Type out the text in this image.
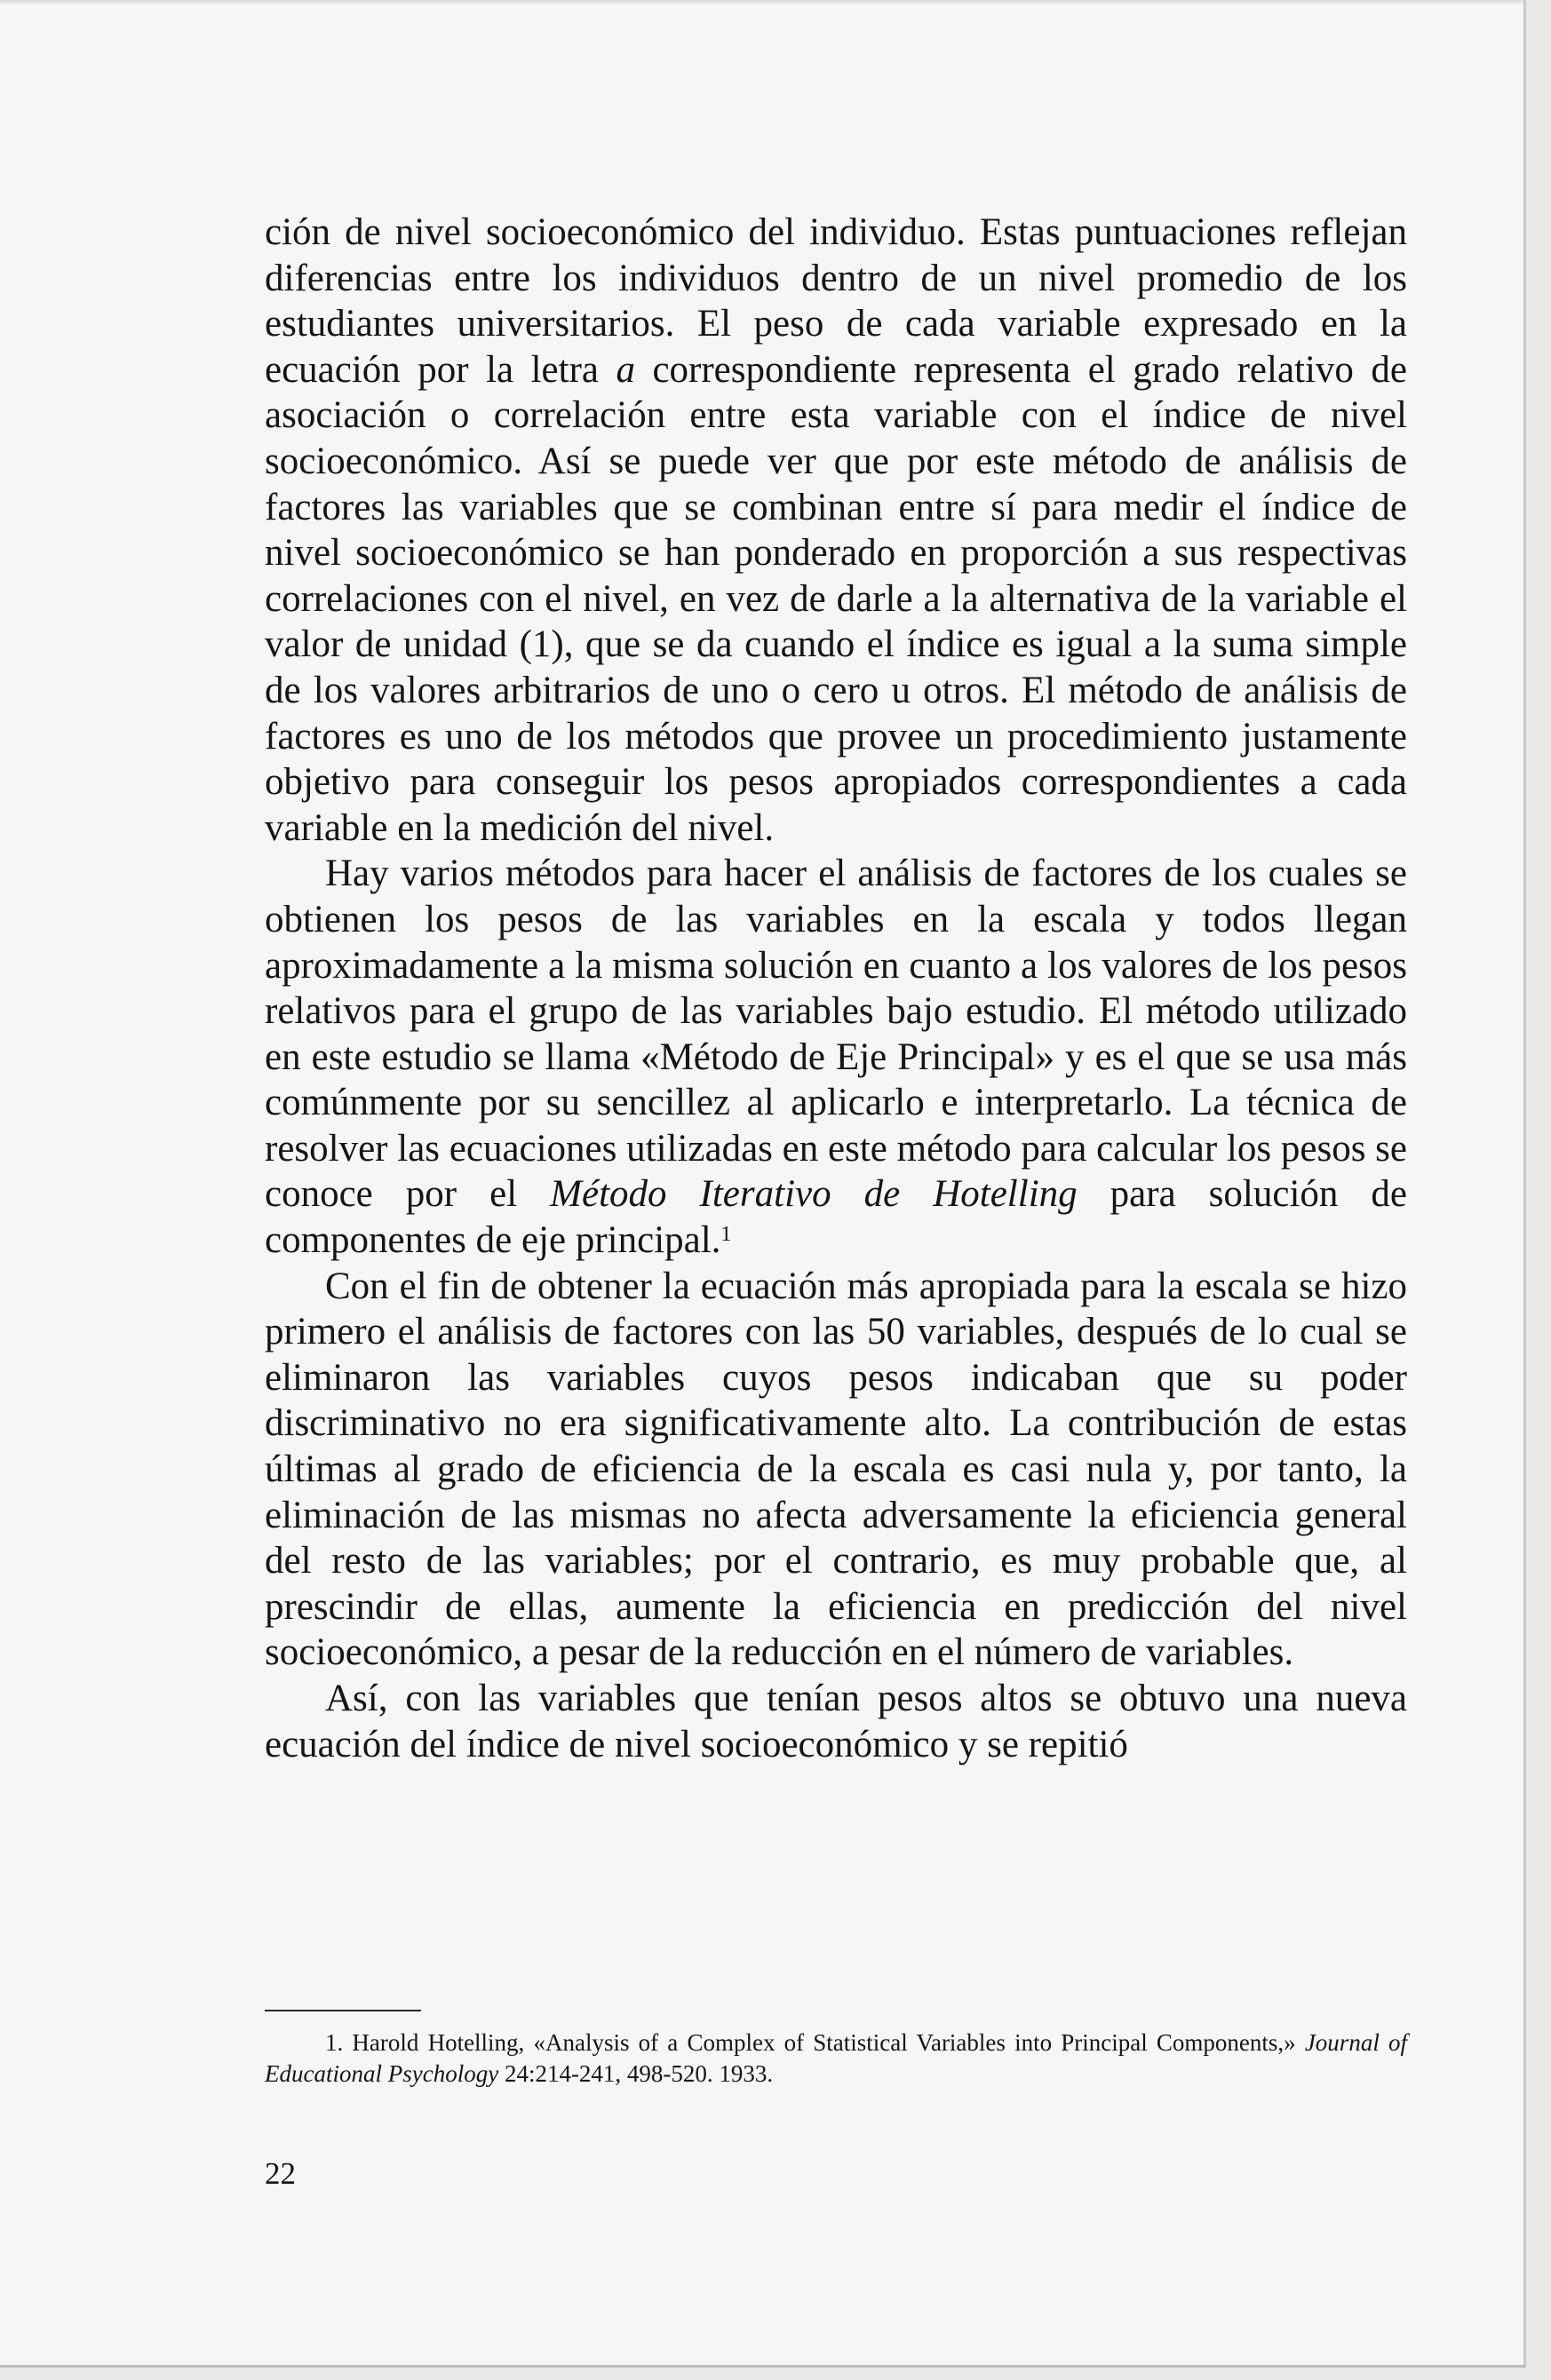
ción de nivel socioeconómico del individuo. Estas puntuaciones reflejan diferencias entre los individuos dentro de un nivel promedio de los estudiantes universitarios. El peso de cada variable expresado en la ecuación por la letra a correspondiente representa el grado relativo de asociación o correlación entre esta variable con el índice de nivel socioeconómico. Así se puede ver que por este método de análisis de factores las variables que se combinan entre sí para medir el índice de nivel socioeconómico se han ponderado en proporción a sus respectivas correlaciones con el nivel, en vez de darle a la alternativa de la variable el valor de unidad (1), que se da cuando el índice es igual a la suma simple de los valores arbitrarios de uno o cero u otros. El método de análisis de factores es uno de los métodos que provee un procedimiento justamente objetivo para conseguir los pesos apropiados correspondientes a cada variable en la medición del nivel.

Hay varios métodos para hacer el análisis de factores de los cuales se obtienen los pesos de las variables en la escala y todos llegan aproximadamente a la misma solución en cuanto a los valores de los pesos relativos para el grupo de las variables bajo estudio. El método utilizado en este estudio se llama «Método de Eje Principal» y es el que se usa más comúnmente por su sencillez al aplicarlo e interpretarlo. La técnica de resolver las ecuaciones utilizadas en este método para calcular los pesos se conoce por el Método Iterativo de Hotelling para solución de componentes de eje principal.$^1$

Con el fin de obtener la ecuación más apropiada para la escala se hizo primero el análisis de factores con las 50 variables, después de lo cual se eliminaron las variables cuyos pesos indicaban que su poder discriminativo no era significativamente alto. La contribución de estas últimas al grado de eficiencia de la escala es casi nula y, por tanto, la eliminación de las mismas no afecta adversamente la eficiencia general del resto de las variables; por el contrario, es muy probable que, al prescindir de ellas, aumente la eficiencia en predicción del nivel socioeconómico, a pesar de la reducción en el número de variables.

Así, con las variables que tenían pesos altos se obtuvo una nueva ecuación del índice de nivel socioeconómico y se repitió

1. Harold Hotelling, «Analysis of a Complex of Statistical Variables into Principal Components,» Journal of Educational Psychology 24:214-241, 498-520. 1933.
22
